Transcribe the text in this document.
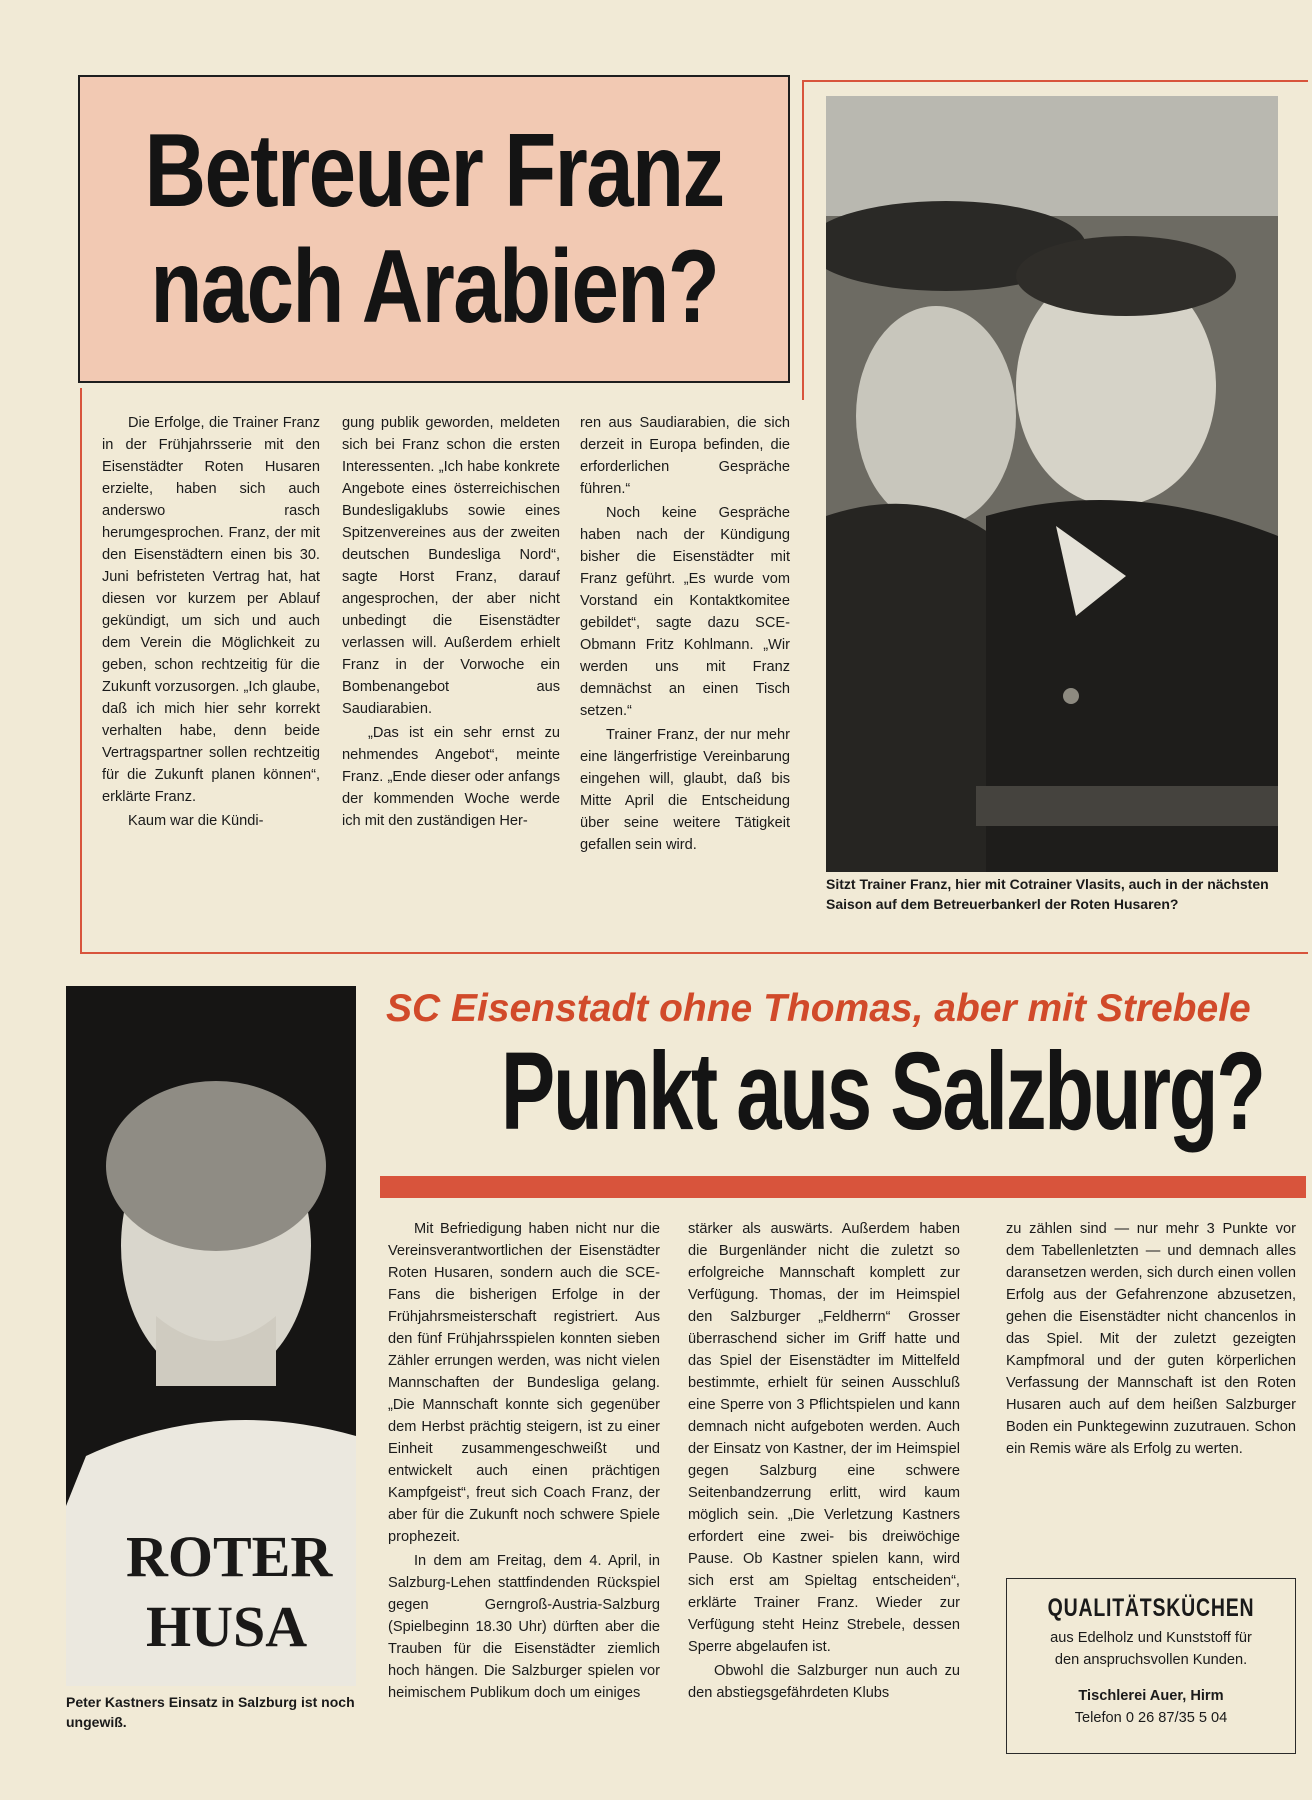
Betreuer Franz
nach Arabien?

Die Erfolge, die Trainer Franz in der Frühjahrsserie mit den Eisenstädter Roten Husaren erzielte, haben sich auch anderswo rasch herumgesprochen. Franz, der mit den Eisenstädtern einen bis 30. Juni befristeten Vertrag hat, hat diesen vor kurzem per Ablauf gekündigt, um sich und auch dem Verein die Möglichkeit zu geben, schon rechtzeitig für die Zukunft vorzusorgen. „Ich glaube, daß ich mich hier sehr korrekt verhalten habe, denn beide Vertragspartner sollen rechtzeitig für die Zukunft planen können“, erklärte Franz.

Kaum war die Kündi-

gung publik geworden, meldeten sich bei Franz schon die ersten Interessenten. „Ich habe konkrete Angebote eines österreichischen Bundesligaklubs sowie eines Spitzenvereines aus der zweiten deutschen Bundesliga Nord“, sagte Horst Franz, darauf angesprochen, der aber nicht unbedingt die Eisenstädter verlassen will. Außerdem erhielt Franz in der Vorwoche ein Bombenangebot aus Saudiarabien.

„Das ist ein sehr ernst zu nehmendes Angebot“, meinte Franz. „Ende dieser oder anfangs der kommenden Woche werde ich mit den zuständigen Her-

ren aus Saudiarabien, die sich derzeit in Europa befinden, die erforderlichen Gespräche führen.“

Noch keine Gespräche haben nach der Kündigung bisher die Eisenstädter mit Franz geführt. „Es wurde vom Vorstand ein Kontaktkomitee gebildet“, sagte dazu SCE-Obmann Fritz Kohlmann. „Wir werden uns mit Franz demnächst an einen Tisch setzen.“

Trainer Franz, der nur mehr eine längerfristige Vereinbarung eingehen will, glaubt, daß bis Mitte April die Entscheidung über seine weitere Tätigkeit gefallen sein wird.

Sitzt Trainer Franz, hier mit Cotrainer Vlasits, auch in der nächsten Saison auf dem Betreuerbankerl der Roten Husaren?
ROTER
HUSA
Peter Kastners Einsatz in Salzburg ist noch ungewiß.
SC Eisenstadt ohne Thomas, aber mit Strebele
Punkt aus Salzburg?

Mit Befriedigung haben nicht nur die Vereinsverantwortlichen der Eisenstädter Roten Husaren, sondern auch die SCE-Fans die bisherigen Erfolge in der Frühjahrsmeisterschaft registriert. Aus den fünf Frühjahrsspielen konnten sieben Zähler errungen werden, was nicht vielen Mannschaften der Bundesliga gelang. „Die Mannschaft konnte sich gegenüber dem Herbst prächtig steigern, ist zu einer Einheit zusammengeschweißt und entwickelt auch einen prächtigen Kampfgeist“, freut sich Coach Franz, der aber für die Zukunft noch schwere Spiele prophezeit.

In dem am Freitag, dem 4. April, in Salzburg-Lehen stattfindenden Rückspiel gegen Gerngroß-Austria-Salzburg (Spielbeginn 18.30 Uhr) dürften aber die Trauben für die Eisenstädter ziemlich hoch hängen. Die Salzburger spielen vor heimischem Publikum doch um einiges

stärker als auswärts. Außerdem haben die Burgenländer nicht die zuletzt so erfolgreiche Mannschaft komplett zur Verfügung. Thomas, der im Heimspiel den Salzburger „Feldherrn“ Grosser überraschend sicher im Griff hatte und das Spiel der Eisenstädter im Mittelfeld bestimmte, erhielt für seinen Ausschluß eine Sperre von 3 Pflichtspielen und kann demnach nicht aufgeboten werden. Auch der Einsatz von Kastner, der im Heimspiel gegen Salzburg eine schwere Seitenbandzerrung erlitt, wird kaum möglich sein. „Die Verletzung Kastners erfordert eine zwei- bis dreiwöchige Pause. Ob Kastner spielen kann, wird sich erst am Spieltag entscheiden“, erklärte Trainer Franz. Wieder zur Verfügung steht Heinz Strebele, dessen Sperre abgelaufen ist.

Obwohl die Salzburger nun auch zu den abstiegsgefährdeten Klubs

zu zählen sind — nur mehr 3 Punkte vor dem Tabellenletzten — und demnach alles daransetzen werden, sich durch einen vollen Erfolg aus der Gefahrenzone abzusetzen, gehen die Eisenstädter nicht chancenlos in das Spiel. Mit der zuletzt gezeigten Kampfmoral und der guten körperlichen Verfassung der Mannschaft ist den Roten Husaren auch auf dem heißen Salzburger Boden ein Punktegewinn zuzutrauen. Schon ein Remis wäre als Erfolg zu werten.

QUALITÄTSKÜCHEN
aus Edelholz und Kunststoff für
den anspruchsvollen Kunden.
Tischlerei Auer, Hirm
Telefon 0 26 87/35 5 04
